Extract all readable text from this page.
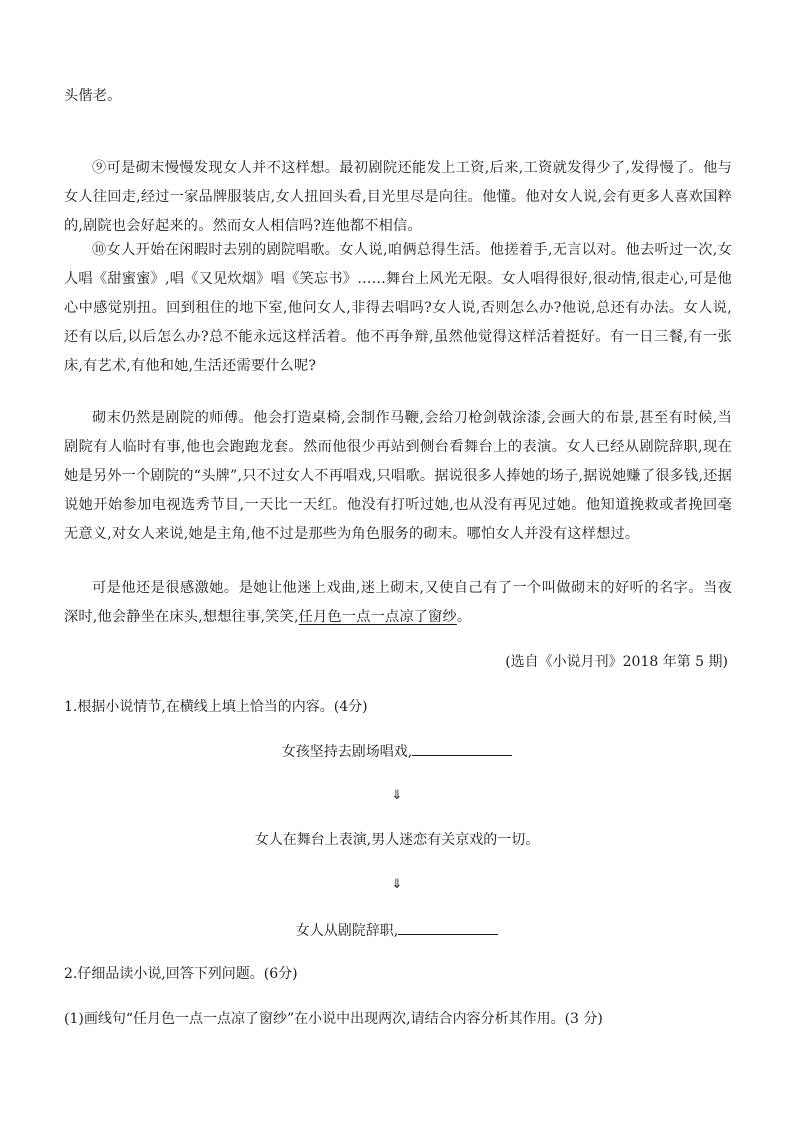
头偕老。

⑨可是砌末慢慢发现女人并不这样想。最初剧院还能发上工资,后来,工资就发得少了,发得慢了。他与女人往回走,经过一家品牌服装店,女人扭回头看,目光里尽是向往。他懂。他对女人说,会有更多人喜欢国粹的,剧院也会好起来的。然而女人相信吗?连他都不相信。

⑩女人开始在闲暇时去别的剧院唱歌。女人说,咱俩总得生活。他搓着手,无言以对。他去听过一次,女人唱《甜蜜蜜》,唱《又见炊烟》唱《笑忘书》……舞台上风光无限。女人唱得很好,很动情,很走心,可是他心中感觉别扭。回到租住的地下室,他问女人,非得去唱吗?女人说,否则怎么办?他说,总还有办法。女人说,还有以后,以后怎么办?总不能永远这样活着。他不再争辩,虽然他觉得这样活着挺好。有一日三餐,有一张床,有艺术,有他和她,生活还需要什么呢?

砌末仍然是剧院的师傅。他会打造桌椅,会制作马鞭,会给刀枪剑戟涂漆,会画大的布景,甚至有时候,当剧院有人临时有事,他也会跑跑龙套。然而他很少再站到侧台看舞台上的表演。女人已经从剧院辞职,现在她是另外一个剧院的“头牌”,只不过女人不再唱戏,只唱歌。据说很多人捧她的场子,据说她赚了很多钱,还据说她开始参加电视选秀节目,一天比一天红。他没有打听过她,也从没有再见过她。他知道挽救或者挽回毫无意义,对女人来说,她是主角,他不过是那些为角色服务的砌末。哪怕女人并没有这样想过。

可是他还是很感激她。是她让他迷上戏曲,迷上砌末,又使自己有了一个叫做砌末的好听的名字。当夜深时,他会静坐在床头,想想往事,笑笑,任月色一点一点凉了窗纱。

(选自《小说月刊》2018 年第 5 期)

1.根据小说情节,在横线上填上恰当的内容。(4分)

女孩坚持去剧场唱戏,

⇓

女人在舞台上表演,男人迷恋有关京戏的一切。

⇓

女人从剧院辞职,

2.仔细品读小说,回答下列问题。(6分)

(1)画线句“任月色一点一点凉了窗纱”在小说中出现两次,请结合内容分析其作用。(3 分)
